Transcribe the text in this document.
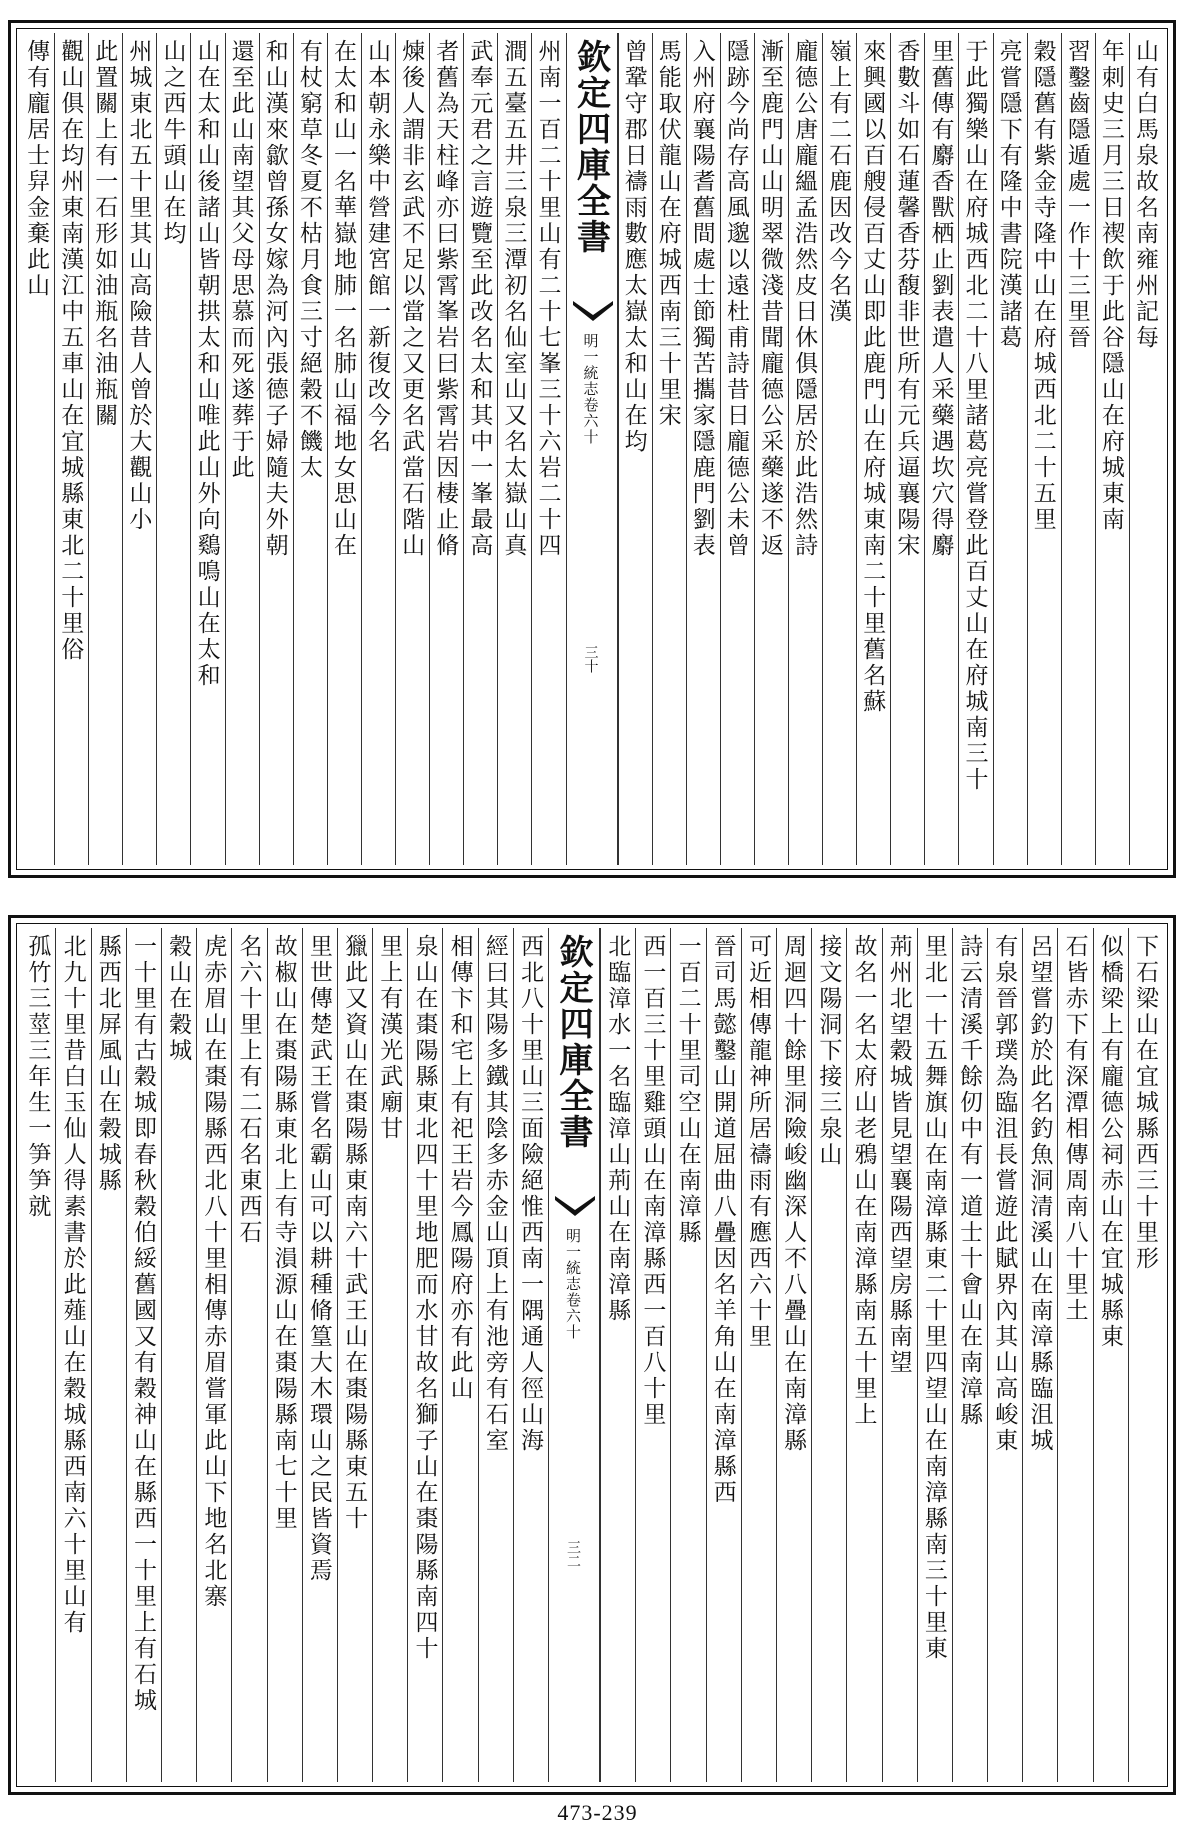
山有白馬泉故名南雍州記每
年刺史三月三日禊飲于此谷隱山在府城東南
習鑿齒隱遁處一作十三里晉
穀隱舊有紫金寺隆中山在府城西北二十五里
亮嘗隱下有隆中書院漢諸葛
于此獨樂山在府城西北二十八里諸葛亮嘗登此百丈山在府城南三十
里舊傳有麝香獸栖止劉表遣人采藥遇坎穴得麝
香數斗如石蓮馨香芬馥非世所有元兵逼襄陽宋
來興國以百艘侵百丈山即此鹿門山在府城東南二十里舊名蘇
嶺上有二石鹿因改今名漢
龐德公唐龐縕孟浩然皮日休俱隱居於此浩然詩
漸至鹿門山山明翠微淺昔聞龐德公采藥遂不返
隱跡今尚存高風邈以遠杜甫詩昔日龐德公未曾
入州府襄陽耆舊間處士節獨苦攜家隱鹿門劉表
馬能取伏龍山在府城西南三十里宋
曾鞏守郡日禱雨數應太嶽太和山在均
欽定四庫全書
明一統志卷六十
三十
州南一百二十里山有二十七峯三十六岩二十四
澗五臺五井三泉三潭初名仙室山又名太嶽山真
武奉元君之言遊覽至此改名太和其中一峯最高
者舊為天柱峰亦曰紫霄峯岩曰紫霄岩因棲止脩
煉後人謂非玄武不足以當之又更名武當石階山
山本朝永樂中營建宮館一新復改今名
在太和山一名華嶽地肺一名肺山福地女思山在
有杖窮草冬夏不枯月食三寸絕穀不饑太
和山漢來歙曾孫女嫁為河內張德子婦隨夫外朝
還至此山南望其父母思慕而死遂葬于此
山在太和山後諸山皆朝拱太和山唯此山外向鷄鳴山在太和
山之西牛頭山在均
州城東北五十里其山高險昔人曾於大觀山小
此置關上有一石形如油瓶名油瓶關
觀山俱在均州東南漢江中五車山在宜城縣東北二十里俗
傳有龐居士舁金棄此山
下石梁山在宜城縣西三十里形
似橋梁上有龐德公祠赤山在宜城縣東
石皆赤下有深潭相傳周南八十里土
呂望嘗釣於此名釣魚洞清溪山在南漳縣臨沮城
有泉晉郭璞為臨沮長嘗遊此賦界內其山高峻東
詩云清溪千餘仞中有一道士十會山在南漳縣
里北一十五舞旗山在南漳縣東二十里四望山在南漳縣南三十里東
荊州北望穀城皆見望襄陽西望房縣南望
故名一名太府山老鴉山在南漳縣南五十里上
接文陽洞下接三泉山
周迴四十餘里洞險峻幽深人不八疊山在南漳縣
可近相傳龍神所居禱雨有應西六十里
晉司馬懿鑿山開道屈曲八疊因名羊角山在南漳縣西
一百二十里司空山在南漳縣
西一百三十里雞頭山在南漳縣西一百八十里
北臨漳水一名臨漳山荊山在南漳縣
欽定四庫全書
明一統志卷六十
三二
西北八十里山三面險絕惟西南一隅通人徑山海
經曰其陽多鐵其陰多赤金山頂上有池旁有石室
相傳卞和宅上有祀王岩今鳳陽府亦有此山
泉山在棗陽縣東北四十里地肥而水甘故名獅子山在棗陽縣南四十
里上有漢光武廟甘
獵此又資山在棗陽縣東南六十武王山在棗陽縣東五十
里世傳楚武王嘗名霸山可以耕種脩篁大木環山之民皆資焉
故椒山在棗陽縣東北上有寺溳源山在棗陽縣南七十里
名六十里上有二石名東西石
虎赤眉山在棗陽縣西北八十里相傳赤眉嘗軍此山下地名北寨
穀山在穀城
一十里有古穀城即春秋穀伯綏舊國又有穀神山在縣西一十里上有石城
縣西北屏風山在穀城縣
北九十里昔白玉仙人得素書於此薤山在穀城縣西南六十里山有
孤竹三莖三年生一笋笋就
473-239
